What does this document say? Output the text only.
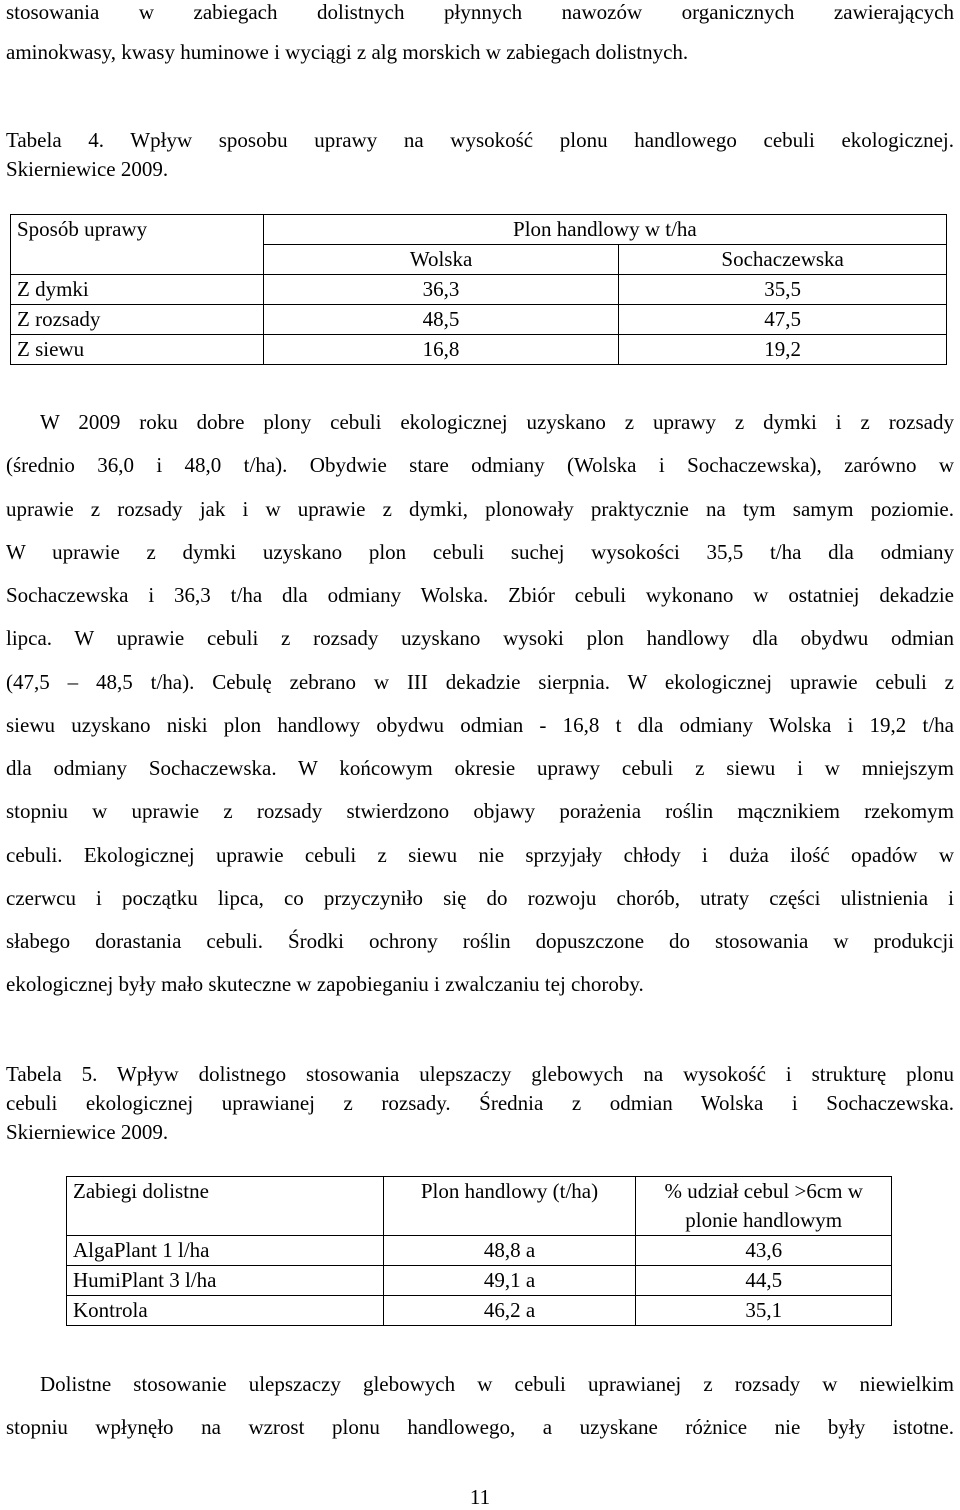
stosowania w zabiegach dolistnych płynnych nawozów organicznych zawierających
aminokwasy, kwasy huminowe i wyciągi z alg morskich w zabiegach dolistnych.
Tabela 4. Wpływ sposobu uprawy na wysokość plonu handlowego cebuli ekologicznej.
Skierniewice 2009.
Sposób uprawy	Plon handlowy w t/ha	
	Wolska	Sochaczewska
Z dymki	36,3	35,5
Z rozsady	48,5	47,5
Z siewu	16,8	19,2
W 2009 roku dobre plony cebuli ekologicznej uzyskano z uprawy z dymki i z rozsady
(średnio 36,0 i 48,0 t/ha). Obydwie stare odmiany (Wolska i Sochaczewska), zarówno w
uprawie z rozsady jak i w uprawie z dymki, plonowały praktycznie na tym samym poziomie.
W uprawie z dymki uzyskano plon cebuli suchej wysokości 35,5 t/ha dla odmiany
Sochaczewska i 36,3 t/ha dla odmiany Wolska. Zbiór cebuli wykonano w ostatniej dekadzie
lipca. W uprawie cebuli z rozsady uzyskano wysoki plon handlowy dla obydwu odmian
(47,5 – 48,5 t/ha). Cebulę zebrano w III dekadzie sierpnia. W ekologicznej uprawie cebuli z
siewu uzyskano niski plon handlowy obydwu odmian - 16,8 t dla odmiany Wolska i 19,2 t/ha
dla odmiany Sochaczewska. W końcowym okresie uprawy cebuli z siewu i w mniejszym
stopniu w uprawie z rozsady stwierdzono objawy porażenia roślin mącznikiem rzekomym
cebuli. Ekologicznej uprawie cebuli z siewu nie sprzyjały chłody i duża ilość opadów w
czerwcu i początku lipca, co przyczyniło się do rozwoju chorób, utraty części ulistnienia i
słabego dorastania cebuli. Środki ochrony roślin dopuszczone do stosowania w produkcji
ekologicznej były mało skuteczne w zapobieganiu i zwalczaniu tej choroby.
Tabela 5. Wpływ dolistnego stosowania ulepszaczy glebowych na wysokość i strukturę plonu
cebuli ekologicznej uprawianej z rozsady. Średnia z odmian Wolska i Sochaczewska.
Skierniewice 2009.
Zabiegi dolistne	Plon handlowy (t/ha)	% udział cebul >6cm w
plonie handlowym

AlgaPlant 1 l/ha	48,8 a	43,6
HumiPlant 3 l/ha	49,1 a	44,5
Kontrola	46,2 a	35,1
Dolistne stosowanie ulepszaczy glebowych w cebuli uprawianej z rozsady w niewielkim
stopniu wpłynęło na wzrost plonu handlowego, a uzyskane różnice nie były istotne.
11
